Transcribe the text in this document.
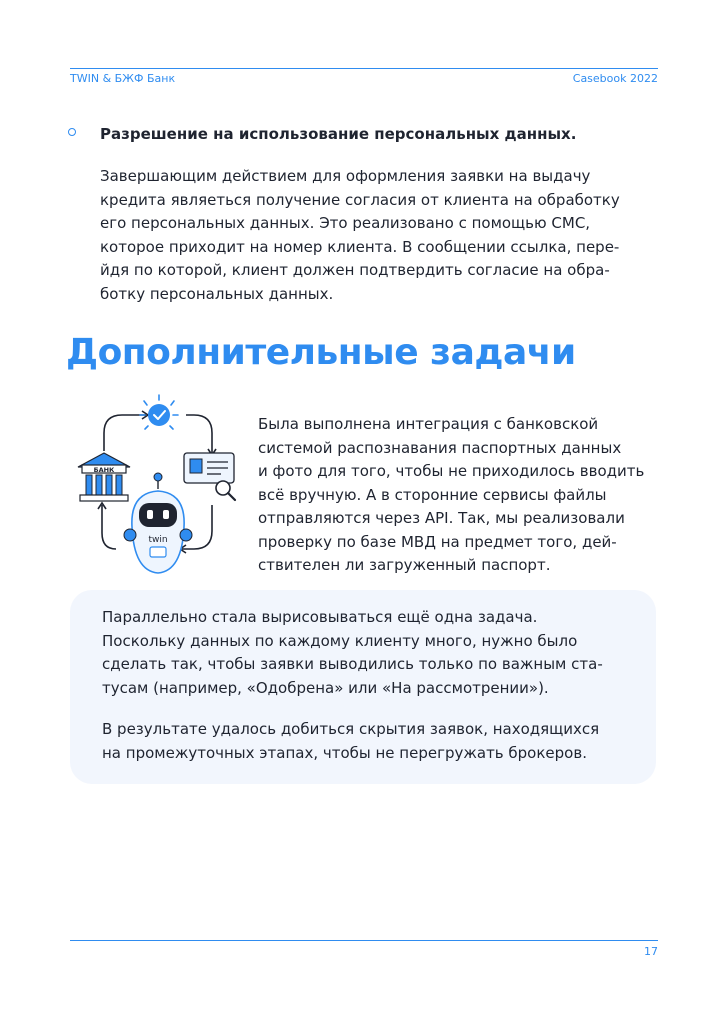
TWIN & БЖФ Банк	Casebook 2022
Разрешение на использование персональных данных.
Завершающим действием для оформления заявки на выдачу
кредита являеться получение согласия от клиента на обработку
его персональных данных. Это реализовано с помощью СМС,
которое приходит на номер клиента. В сообщении ссылка, пере-
йдя по которой, клиент должен подтвердить согласие на обра-
ботку персональных данных.
Дополнительные задачи
БАНК
twin
Была выполнена интеграция с банковской
системой распознавания паспортных данных
и фото для того, чтобы не приходилось вводить
всё вручную. А в сторонние сервисы файлы
отправляются через API. Так, мы реализовали
проверку по базе МВД на предмет того, дей-
ствителен ли загруженный паспорт.
Параллельно стала вырисовываться ещё одна задача.
Поскольку данных по каждому клиенту много, нужно было
сделать так, чтобы заявки выводились только по важным ста-
тусам (например, «Одобрена» или «На рассмотрении»).
В результате удалось добиться скрытия заявок, находящихся
на промежуточных этапах, чтобы не перегружать брокеров.
17
